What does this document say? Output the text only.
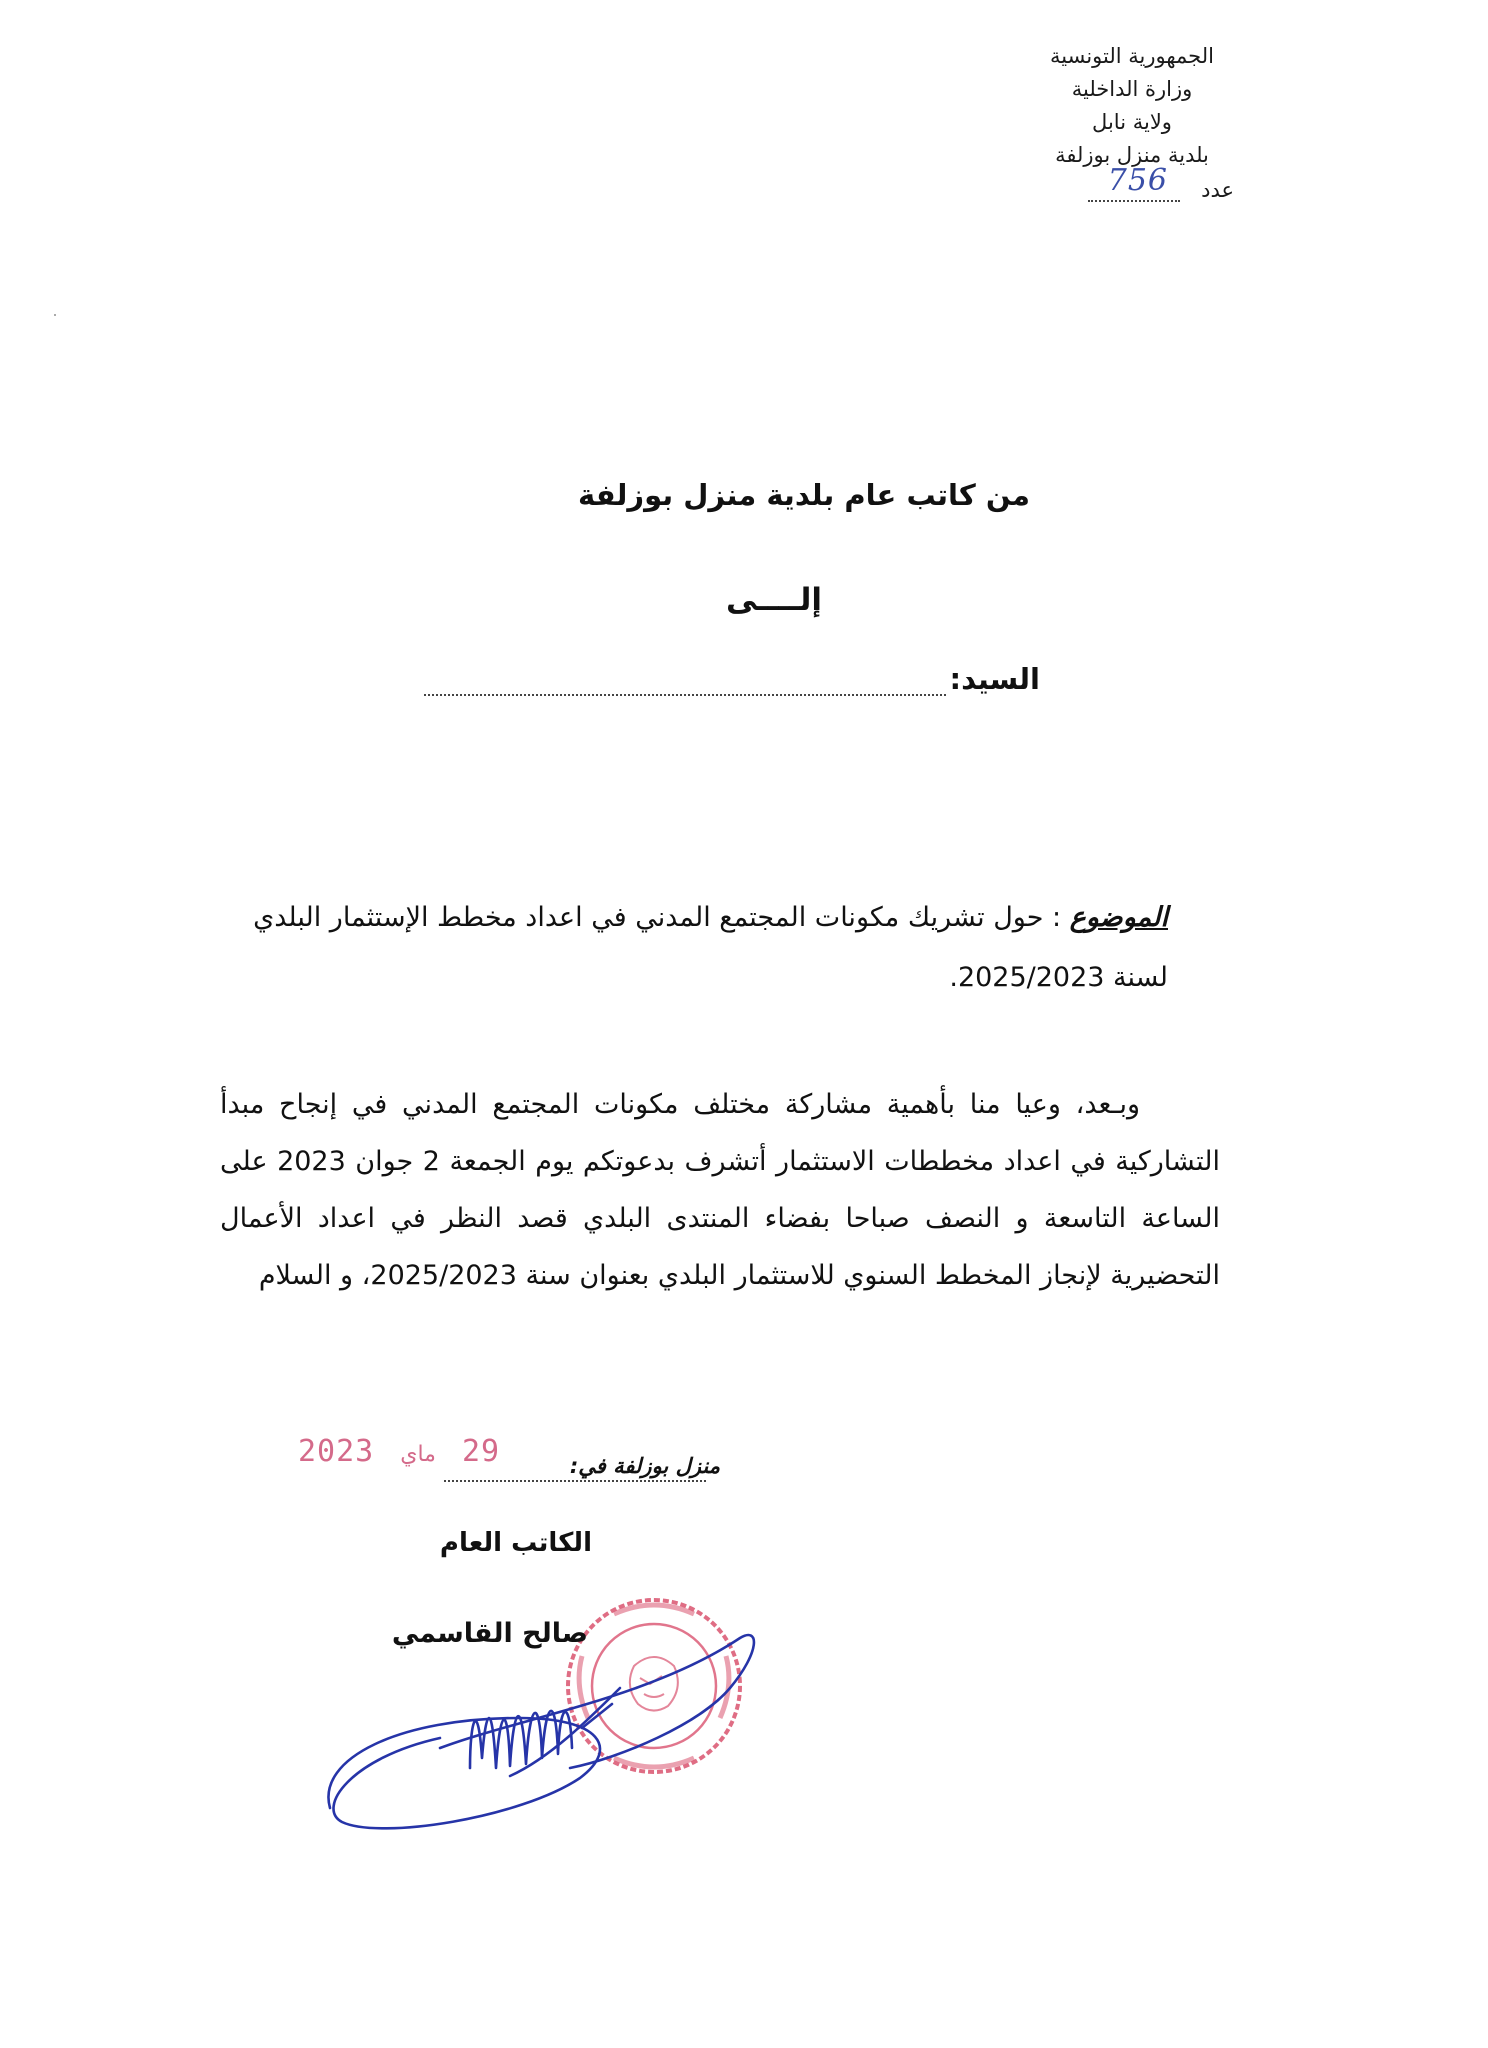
الجمهورية التونسية
وزارة الداخلية
ولاية نابل
بلدية منزل بوزلفة
عدد
756
من كاتب عام بلدية منزل بوزلفة
إلــــى
السيد:
الموضوع : حول تشريك مكونات المجتمع المدني في اعداد مخطط الإستثمار البلدي لسنة 2025/2023.

وبـعد، وعيا منا بأهمية مشاركة مختلف مكونات المجتمع المدني في إنجاح مبدأ التشاركية في اعداد مخططات الاستثمار أتشرف بدعوتكم يوم الجمعة 2 جوان 2023 على الساعة التاسعة و النصف صباحا بفضاء المنتدى البلدي قصد النظر في اعداد الأعمال التحضيرية لإنجاز المخطط السنوي للاستثمار البلدي بعنوان سنة 2025/2023، و السلام

2023 ماي 29	منزل بوزلفة في:
الكاتب العام
صالح القاسمي
